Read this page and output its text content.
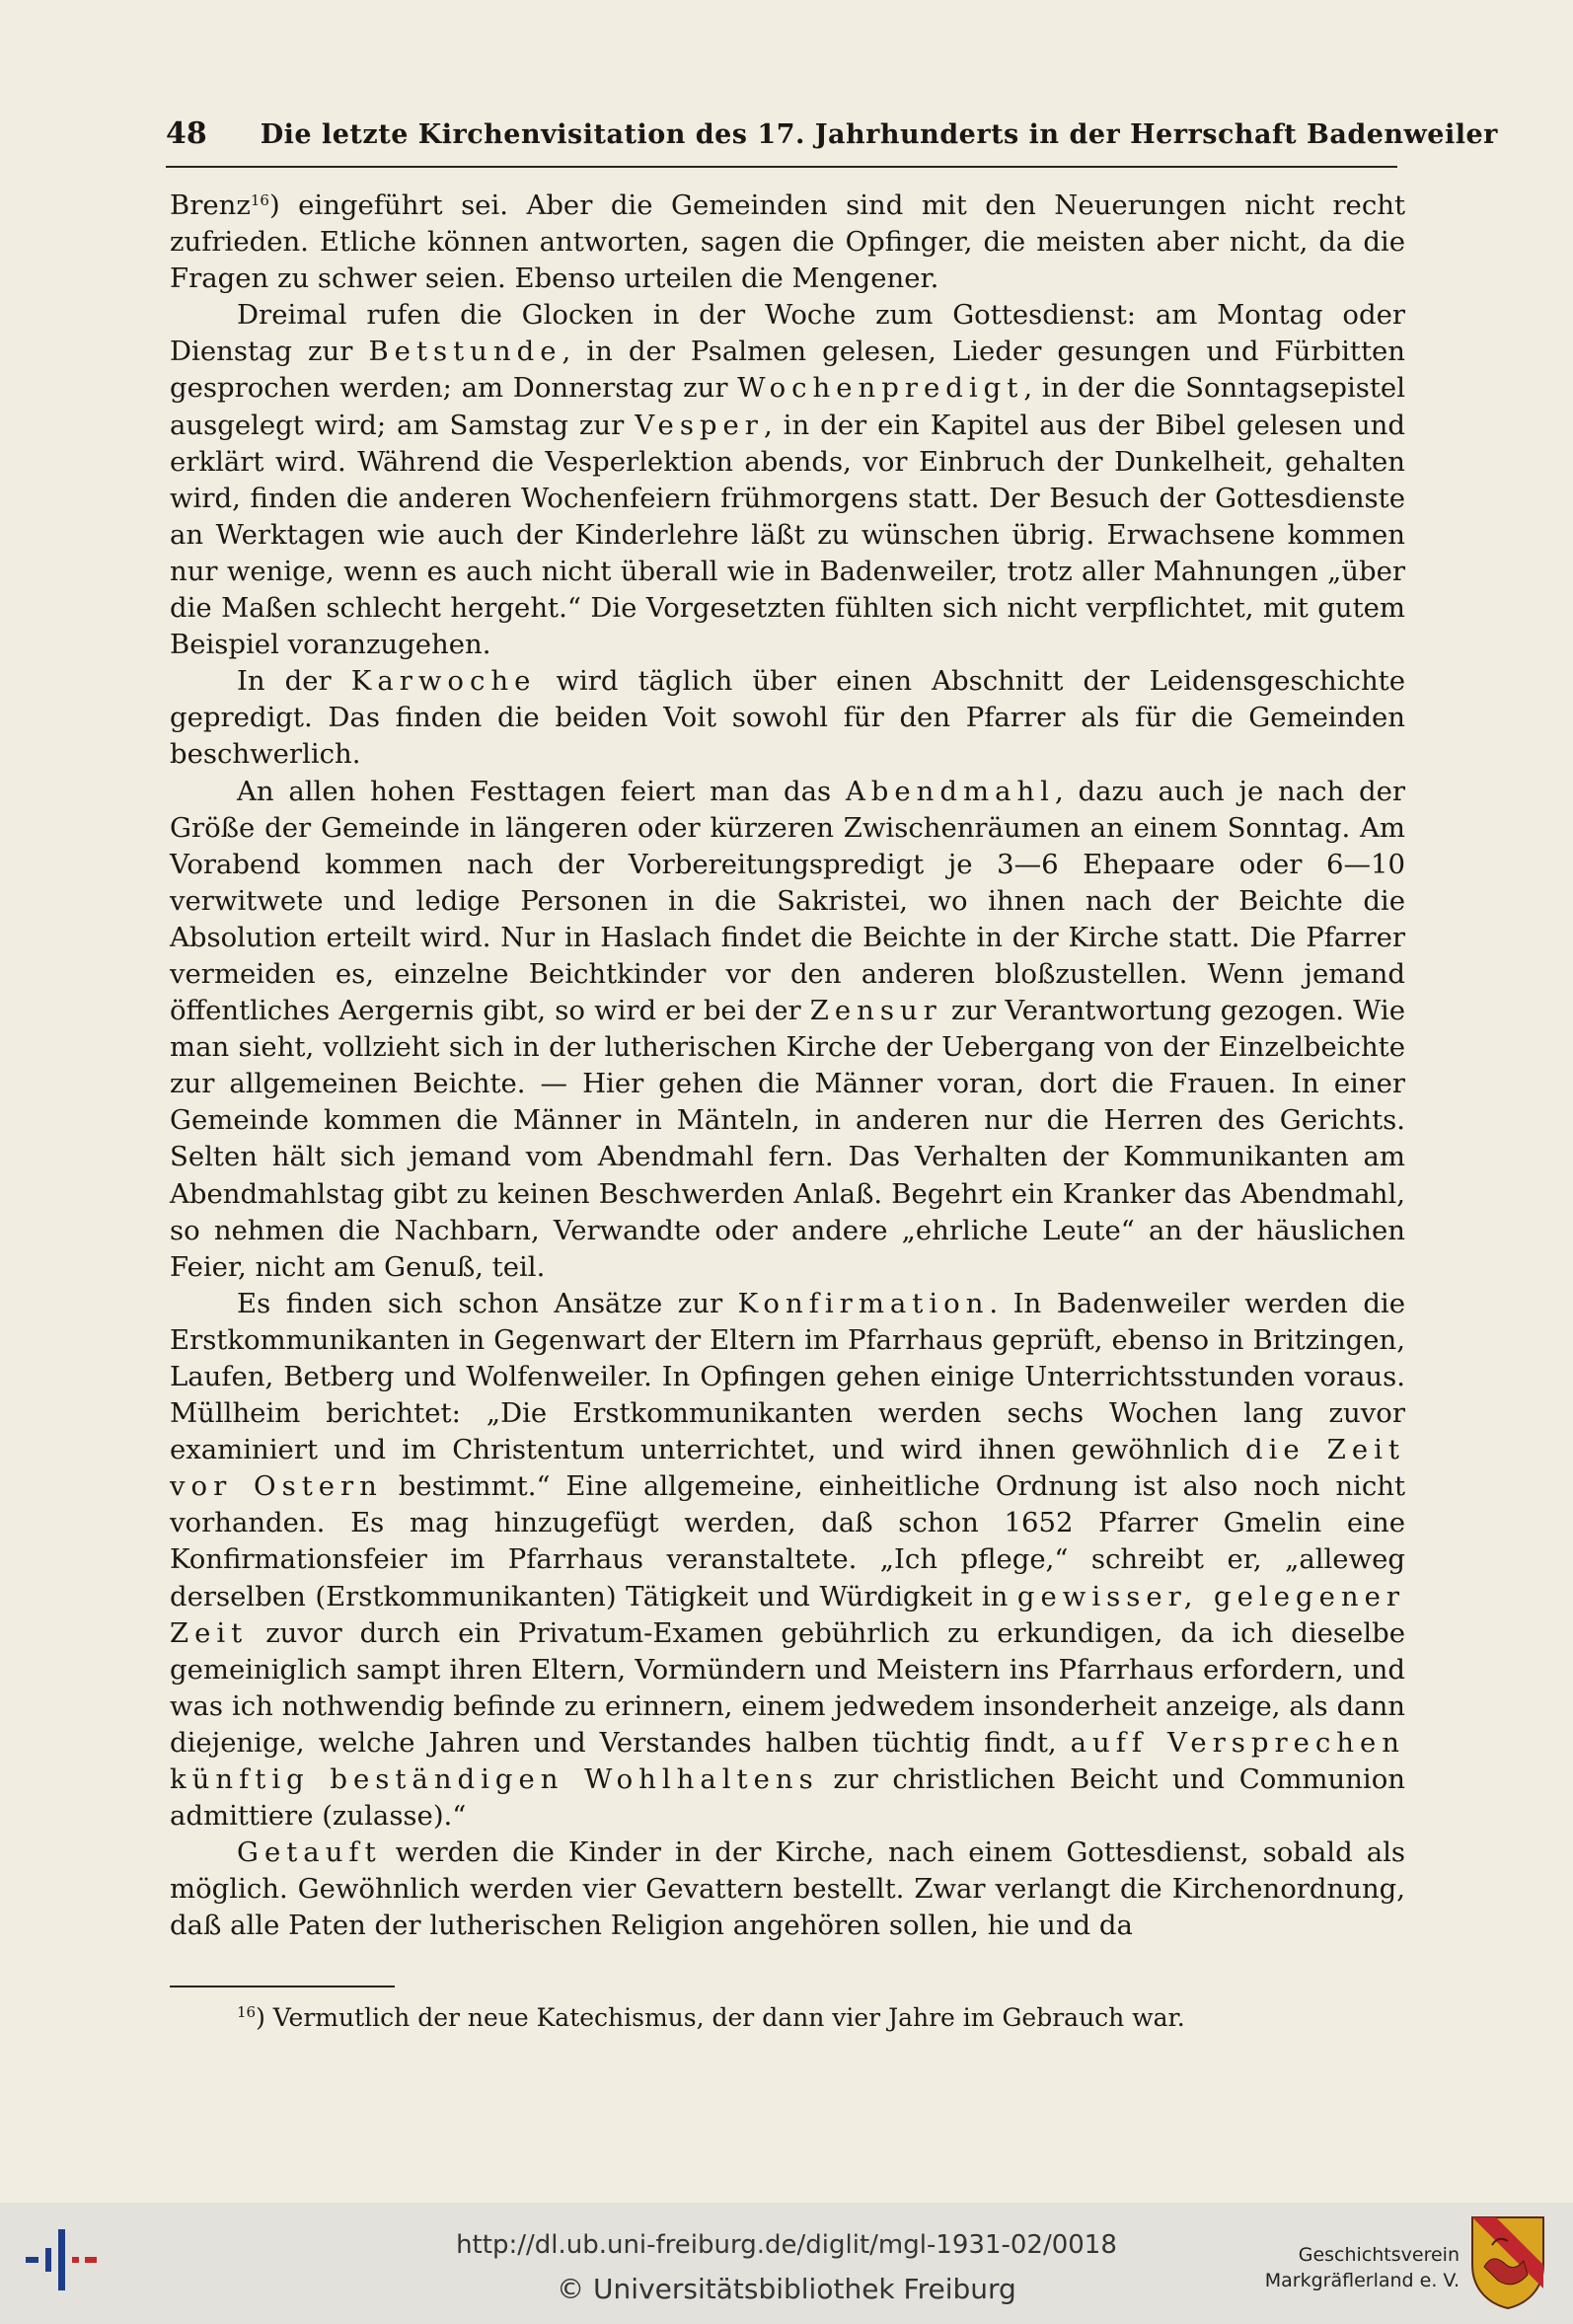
48 Die letzte Kirchenvisitation des 17. Jahrhunderts in der Herrschaft Badenweiler

Brenz$^{16}$) eingeführt sei. Aber die Gemeinden sind mit den Neuerungen nicht recht zufrieden. Etliche können antworten, sagen die Opfinger, die meisten aber nicht, da die Fragen zu schwer seien. Ebenso urteilen die Mengener.

Dreimal rufen die Glocken in der Woche zum Gottesdienst: am Montag oder Dienstag zur Betstunde, in der Psalmen gelesen, Lieder gesungen und Fürbitten gesprochen werden; am Donnerstag zur Wochenpredigt, in der die Sonntagsepistel ausgelegt wird; am Samstag zur Vesper, in der ein Kapitel aus der Bibel gelesen und erklärt wird. Während die Vesperlektion abends, vor Einbruch der Dunkelheit, gehalten wird, finden die anderen Wochenfeiern frühmorgens statt. Der Besuch der Gottesdienste an Werktagen wie auch der Kinderlehre läßt zu wünschen übrig. Erwachsene kommen nur wenige, wenn es auch nicht überall wie in Badenweiler, trotz aller Mahnungen „über die Maßen schlecht hergeht.“ Die Vorgesetzten fühlten sich nicht verpflichtet, mit gutem Beispiel voranzugehen.

In der Karwoche wird täglich über einen Abschnitt der Leidensgeschichte gepredigt. Das finden die beiden Voit sowohl für den Pfarrer als für die Gemeinden beschwerlich.

An allen hohen Festtagen feiert man das Abendmahl, dazu auch je nach der Größe der Gemeinde in längeren oder kürzeren Zwischenräumen an einem Sonntag. Am Vorabend kommen nach der Vorbereitungspredigt je 3—6 Ehepaare oder 6—10 verwitwete und ledige Personen in die Sakristei, wo ihnen nach der Beichte die Absolution erteilt wird. Nur in Haslach findet die Beichte in der Kirche statt. Die Pfarrer vermeiden es, einzelne Beichtkinder vor den anderen bloßzustellen. Wenn jemand öffentliches Aergernis gibt, so wird er bei der Zensur zur Verantwortung gezogen. Wie man sieht, vollzieht sich in der lutherischen Kirche der Uebergang von der Einzelbeichte zur allgemeinen Beichte. — Hier gehen die Männer voran, dort die Frauen. In einer Gemeinde kommen die Männer in Mänteln, in anderen nur die Herren des Gerichts. Selten hält sich jemand vom Abendmahl fern. Das Verhalten der Kommunikanten am Abendmahlstag gibt zu keinen Beschwerden Anlaß. Begehrt ein Kranker das Abendmahl, so nehmen die Nachbarn, Verwandte oder andere „ehrliche Leute“ an der häuslichen Feier, nicht am Genuß, teil.

Es finden sich schon Ansätze zur Konfirmation. In Badenweiler werden die Erstkommunikanten in Gegenwart der Eltern im Pfarrhaus geprüft, ebenso in Britzingen, Laufen, Betberg und Wolfenweiler. In Opfingen gehen einige Unterrichtsstunden voraus. Müllheim berichtet: „Die Erstkommunikanten werden sechs Wochen lang zuvor examiniert und im Christentum unterrichtet, und wird ihnen gewöhnlich die Zeit vor Ostern bestimmt.“ Eine allgemeine, einheitliche Ordnung ist also noch nicht vorhanden. Es mag hinzugefügt werden, daß schon 1652 Pfarrer Gmelin eine Konfirmationsfeier im Pfarrhaus veranstaltete. „Ich pflege,“ schreibt er, „alleweg derselben (Erstkommunikanten) Tätigkeit und Würdigkeit in gewisser, gelegener Zeit zuvor durch ein Privatum-Examen gebührlich zu erkundigen, da ich dieselbe gemeiniglich sampt ihren Eltern, Vormündern und Meistern ins Pfarrhaus erfordern, und was ich nothwendig befinde zu erinnern, einem jedwedem insonderheit anzeige, als dann diejenige, welche Jahren und Verstandes halben tüchtig findt, auff Versprechen künftig beständigen Wohlhaltens zur christlichen Beicht und Communion admittiere (zulasse).“

Getauft werden die Kinder in der Kirche, nach einem Gottesdienst, sobald als möglich. Gewöhnlich werden vier Gevattern bestellt. Zwar verlangt die Kirchenordnung, daß alle Paten der lutherischen Religion angehören sollen, hie und da

$^{16}$) Vermutlich der neue Katechismus, der dann vier Jahre im Gebrauch war.
http://dl.ub.uni-freiburg.de/diglit/mgl-1931-02/0018
© Universitätsbibliothek Freiburg
Geschichtsverein
Markgräflerland e. V.
